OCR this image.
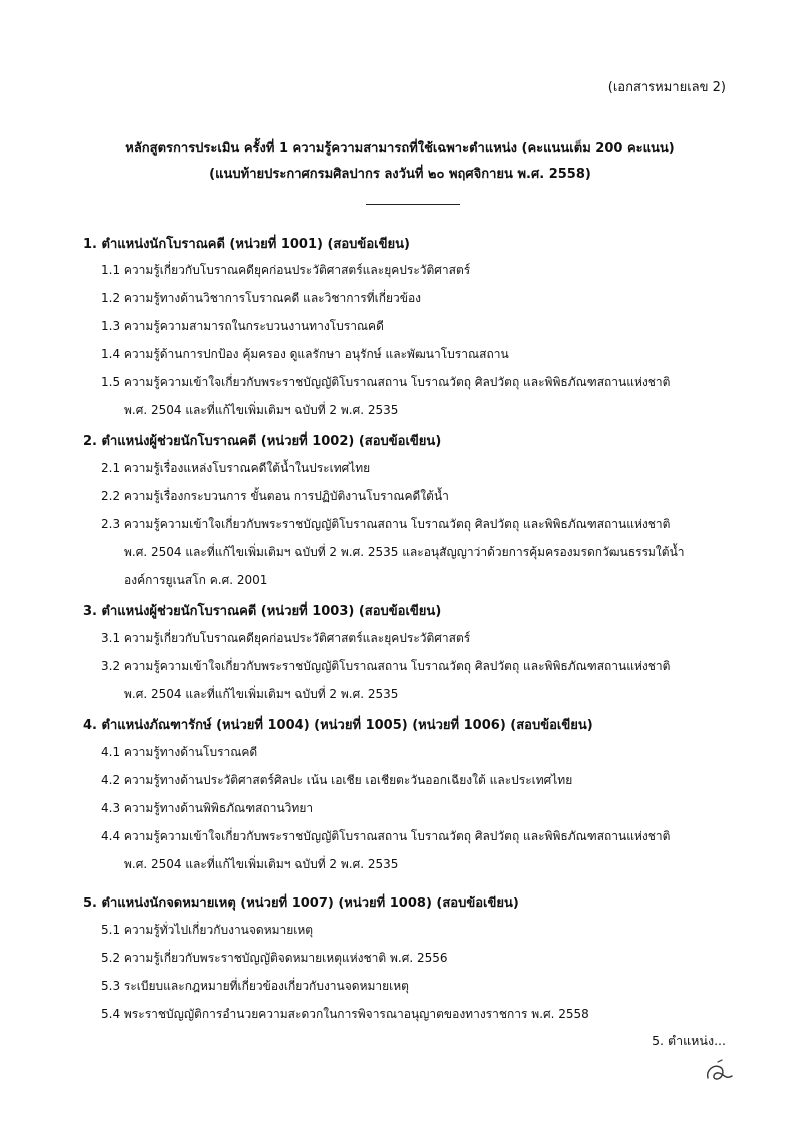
(เอกสารหมายเลข 2)
หลักสูตรการประเมิน ครั้งที่ 1 ความรู้ความสามารถที่ใช้เฉพาะตำแหน่ง (คะแนนเต็ม 200 คะแนน)
(แนบท้ายประกาศกรมศิลปากร ลงวันที่ ๒๐ พฤศจิกายน พ.ศ. 2558)
1. ตำแหน่งนักโบราณคดี (หน่วยที่ 1001) (สอบข้อเขียน)
1.1 ความรู้เกี่ยวกับโบราณคดียุคก่อนประวัติศาสตร์และยุคประวัติศาสตร์
1.2 ความรู้ทางด้านวิชาการโบราณคดี และวิชาการที่เกี่ยวข้อง
1.3 ความรู้ความสามารถในกระบวนงานทางโบราณคดี
1.4 ความรู้ด้านการปกป้อง คุ้มครอง ดูแลรักษา อนุรักษ์ และพัฒนาโบราณสถาน
1.5 ความรู้ความเข้าใจเกี่ยวกับพระราชบัญญัติโบราณสถาน โบราณวัตถุ ศิลปวัตถุ และพิพิธภัณฑสถานแห่งชาติ
พ.ศ. 2504 และที่แก้ไขเพิ่มเติมฯ ฉบับที่ 2 พ.ศ. 2535
2. ตำแหน่งผู้ช่วยนักโบราณคดี (หน่วยที่ 1002) (สอบข้อเขียน)
2.1 ความรู้เรื่องแหล่งโบราณคดีใต้น้ำในประเทศไทย
2.2 ความรู้เรื่องกระบวนการ ขั้นตอน การปฏิบัติงานโบราณคดีใต้น้ำ
2.3 ความรู้ความเข้าใจเกี่ยวกับพระราชบัญญัติโบราณสถาน โบราณวัตถุ ศิลปวัตถุ และพิพิธภัณฑสถานแห่งชาติ
พ.ศ. 2504 และที่แก้ไขเพิ่มเติมฯ ฉบับที่ 2 พ.ศ. 2535 และอนุสัญญาว่าด้วยการคุ้มครองมรดกวัฒนธรรมใต้น้ำ
องค์การยูเนสโก ค.ศ. 2001
3. ตำแหน่งผู้ช่วยนักโบราณคดี (หน่วยที่ 1003) (สอบข้อเขียน)
3.1 ความรู้เกี่ยวกับโบราณคดียุคก่อนประวัติศาสตร์และยุคประวัติศาสตร์
3.2 ความรู้ความเข้าใจเกี่ยวกับพระราชบัญญัติโบราณสถาน โบราณวัตถุ ศิลปวัตถุ และพิพิธภัณฑสถานแห่งชาติ
พ.ศ. 2504 และที่แก้ไขเพิ่มเติมฯ ฉบับที่ 2 พ.ศ. 2535
4. ตำแหน่งภัณฑารักษ์ (หน่วยที่ 1004) (หน่วยที่ 1005) (หน่วยที่ 1006) (สอบข้อเขียน)
4.1 ความรู้ทางด้านโบราณคดี
4.2 ความรู้ทางด้านประวัติศาสตร์ศิลปะ เน้น เอเชีย เอเชียตะวันออกเฉียงใต้ และประเทศไทย
4.3 ความรู้ทางด้านพิพิธภัณฑสถานวิทยา
4.4 ความรู้ความเข้าใจเกี่ยวกับพระราชบัญญัติโบราณสถาน โบราณวัตถุ ศิลปวัตถุ และพิพิธภัณฑสถานแห่งชาติ
พ.ศ. 2504 และที่แก้ไขเพิ่มเติมฯ ฉบับที่ 2 พ.ศ. 2535
5. ตำแหน่งนักจดหมายเหตุ (หน่วยที่ 1007) (หน่วยที่ 1008) (สอบข้อเขียน)
5.1 ความรู้ทั่วไปเกี่ยวกับงานจดหมายเหตุ
5.2 ความรู้เกี่ยวกับพระราชบัญญัติจดหมายเหตุแห่งชาติ พ.ศ. 2556
5.3 ระเบียบและกฎหมายที่เกี่ยวข้องเกี่ยวกับงานจดหมายเหตุ
5.4 พระราชบัญญัติการอำนวยความสะดวกในการพิจารณาอนุญาตของทางราชการ พ.ศ. 2558
5. ตำแหน่ง...
